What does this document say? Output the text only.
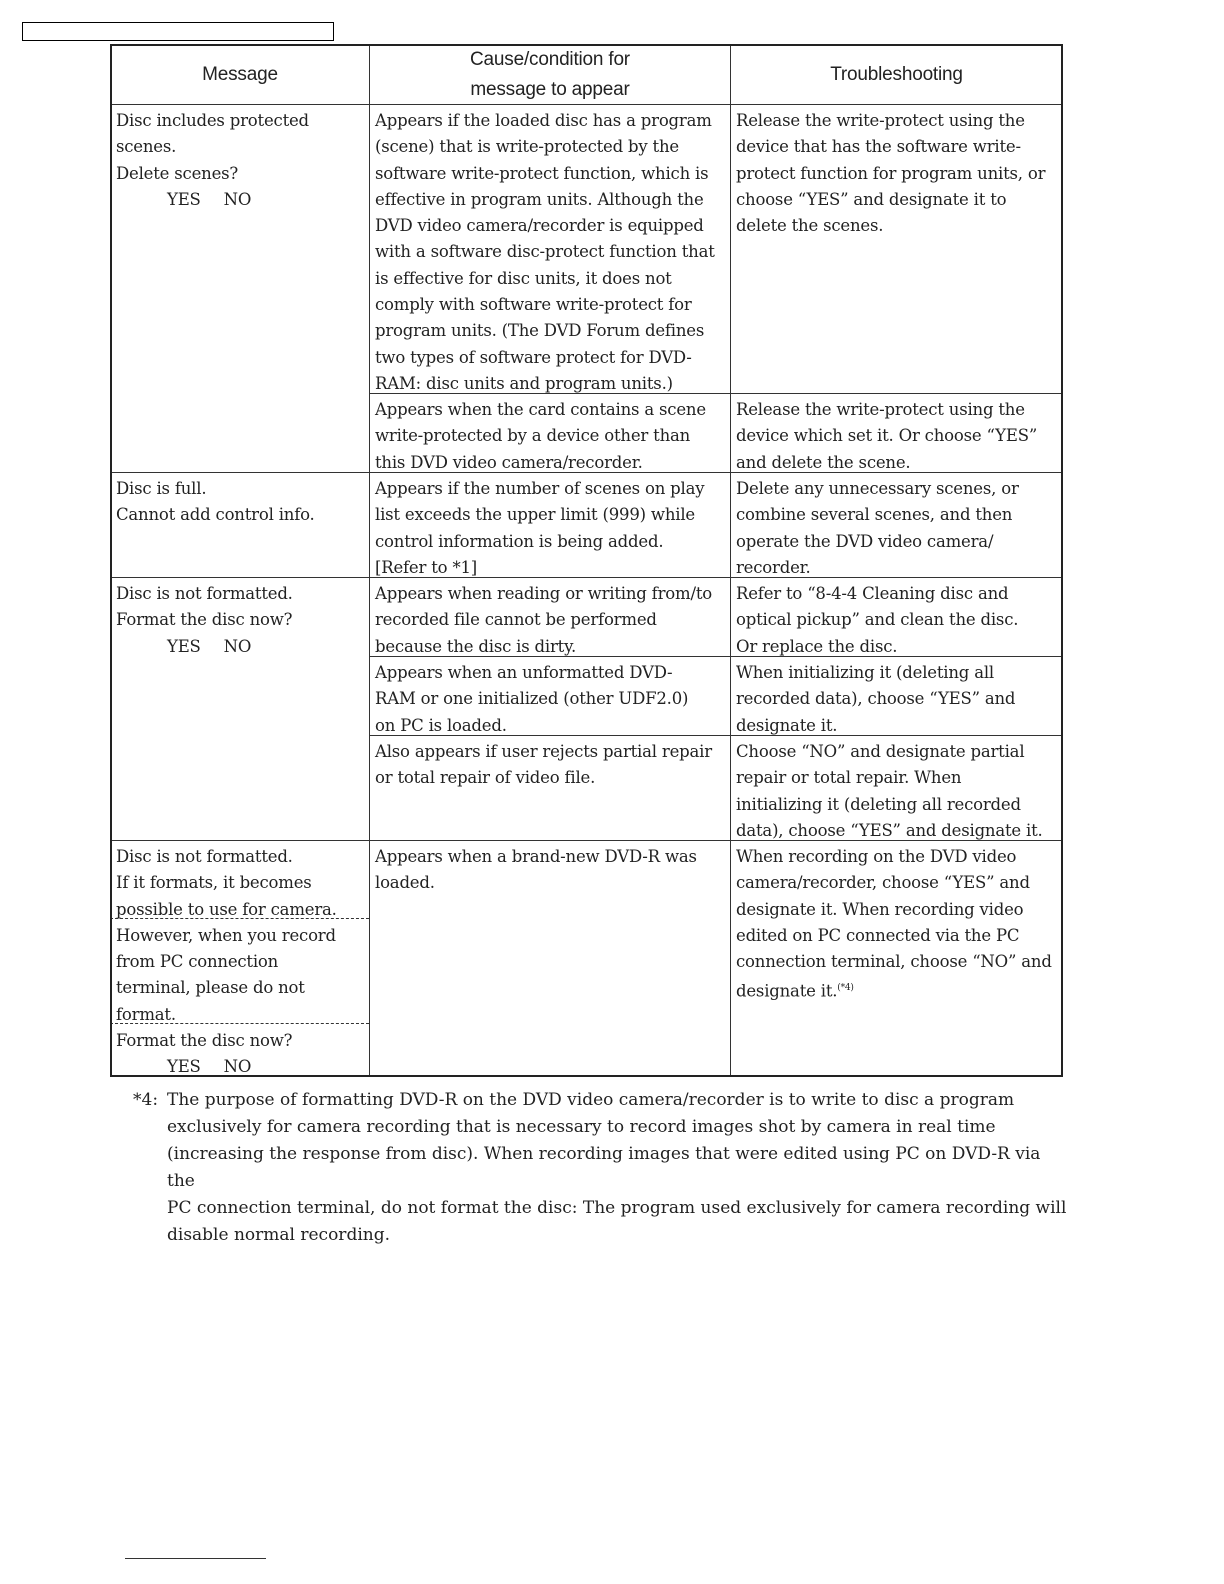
Message
Cause/condition for
message to appear
Troubleshooting
Disc includes protected
scenes.
Delete scenes?

YES NO
Appears if the loaded disc has a program
(scene) that is write-protected by the
software write-protect function, which is
effective in program units. Although the
DVD video camera/recorder is equipped
with a software disc-protect function that
is effective for disc units, it does not
comply with software write-protect for
program units. (The DVD Forum defines
two types of software protect for DVD-
RAM: disc units and program units.)
Release the write-protect using the
device that has the software write-
protect function for program units, or
choose “YES” and designate it to
delete the scenes.
Appears when the card contains a scene
write-protected by a device other than
this DVD video camera/recorder.
Release the write-protect using the
device which set it. Or choose “YES”
and delete the scene.
Disc is full.
Cannot add control info.
Appears if the number of scenes on play
list exceeds the upper limit (999) while
control information is being added.
[Refer to *1]
Delete any unnecessary scenes, or
combine several scenes, and then
operate the DVD video camera/
recorder.
Disc is not formatted.
Format the disc now?

YES NO
Appears when reading or writing from/to
recorded file cannot be performed
because the disc is dirty.
Refer to “8-4-4 Cleaning disc and
optical pickup” and clean the disc.
Or replace the disc.
Appears when an unformatted DVD-
RAM or one initialized (other UDF2.0)
on PC is loaded.
When initializing it (deleting all
recorded data), choose “YES” and
designate it.
Also appears if user rejects partial repair
or total repair of video file.
Choose “NO” and designate partial
repair or total repair. When
initializing it (deleting all recorded
data), choose “YES” and designate it.
Disc is not formatted.
If it formats, it becomes
possible to use for camera.
However, when you record
from PC connection
terminal, please do not
format.
Format the disc now?

YES NO
Appears when a brand-new DVD-R was
loaded.
When recording on the DVD video
camera/recorder, choose “YES” and
designate it. When recording video
edited on PC connected via the PC
connection terminal, choose “NO” and
designate it.$^{(*4)}$
*4: The purpose of formatting DVD-R on the DVD video camera/recorder is to write to disc a program
exclusively for camera recording that is necessary to record images shot by camera in real time
(increasing the response from disc). When recording images that were edited using PC on DVD-R via the
PC connection terminal, do not format the disc: The program used exclusively for camera recording will
disable normal recording.
